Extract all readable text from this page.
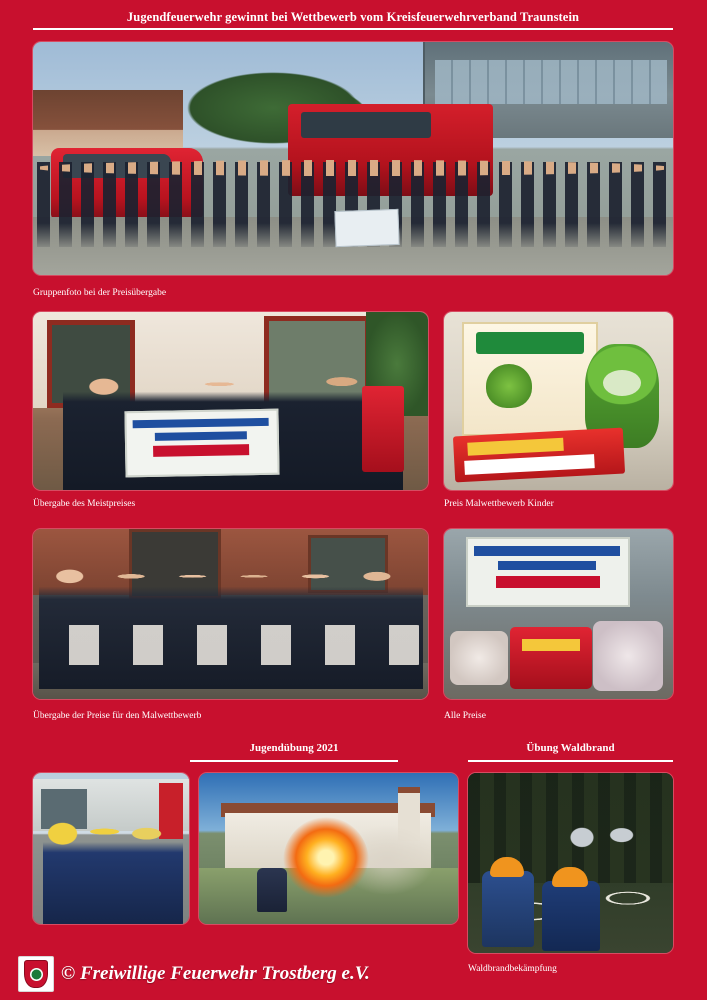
Jugendfeuerwehr gewinnt bei Wettbewerb vom Kreisfeuerwehrverband Traunstein
Gruppenfoto bei der Preisübergabe
Übergabe des Meistpreises	Preis Malwettbewerb Kinder
Übergabe der Preise für den Malwettbewerb	Alle Preise
Jugendübung 2021	Übung Waldbrand
Waldbrandbekämpfung
© Freiwillige Feuerwehr Trostberg e.V.
